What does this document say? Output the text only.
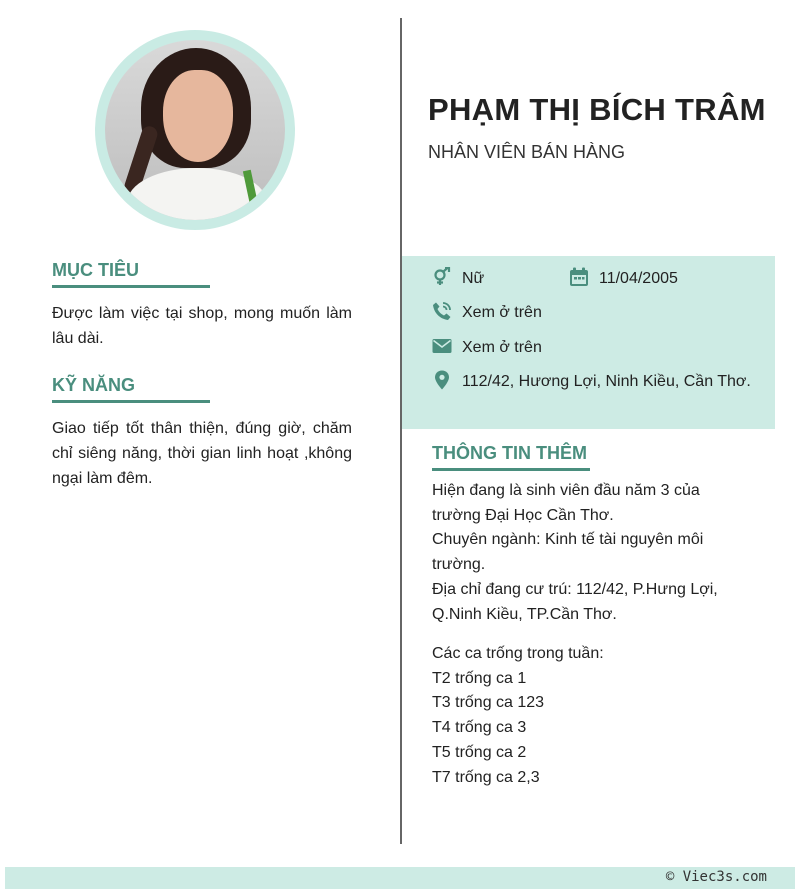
PHẠM THỊ BÍCH TRÂM
NHÂN VIÊN BÁN HÀNG
MỤC TIÊU

Được làm việc tại shop, mong muốn làm lâu dài.

KỸ NĂNG

Giao tiếp tốt thân thiện, đúng giờ, chăm chỉ siêng năng, thời gian linh hoạt ,không ngại làm đêm.

Nữ	11/04/2005
Xem ở trên
Xem ở trên
112/42, Hương Lợi, Ninh Kiều, Cần Thơ.
THÔNG TIN THÊM
Hiện đang là sinh viên đầu năm 3 của trường Đại Học Cần Thơ.
Chuyên ngành: Kinh tế tài nguyên môi trường.
Địa chỉ đang cư trú: 112/42, P.Hưng Lợi, Q.Ninh Kiều, TP.Cần Thơ.
Các ca trống trong tuần:
T2 trống ca 1
T3 trống ca 123
T4 trống ca 3
T5 trống ca 2
T7 trống ca 2,3
© Viec3s.com
